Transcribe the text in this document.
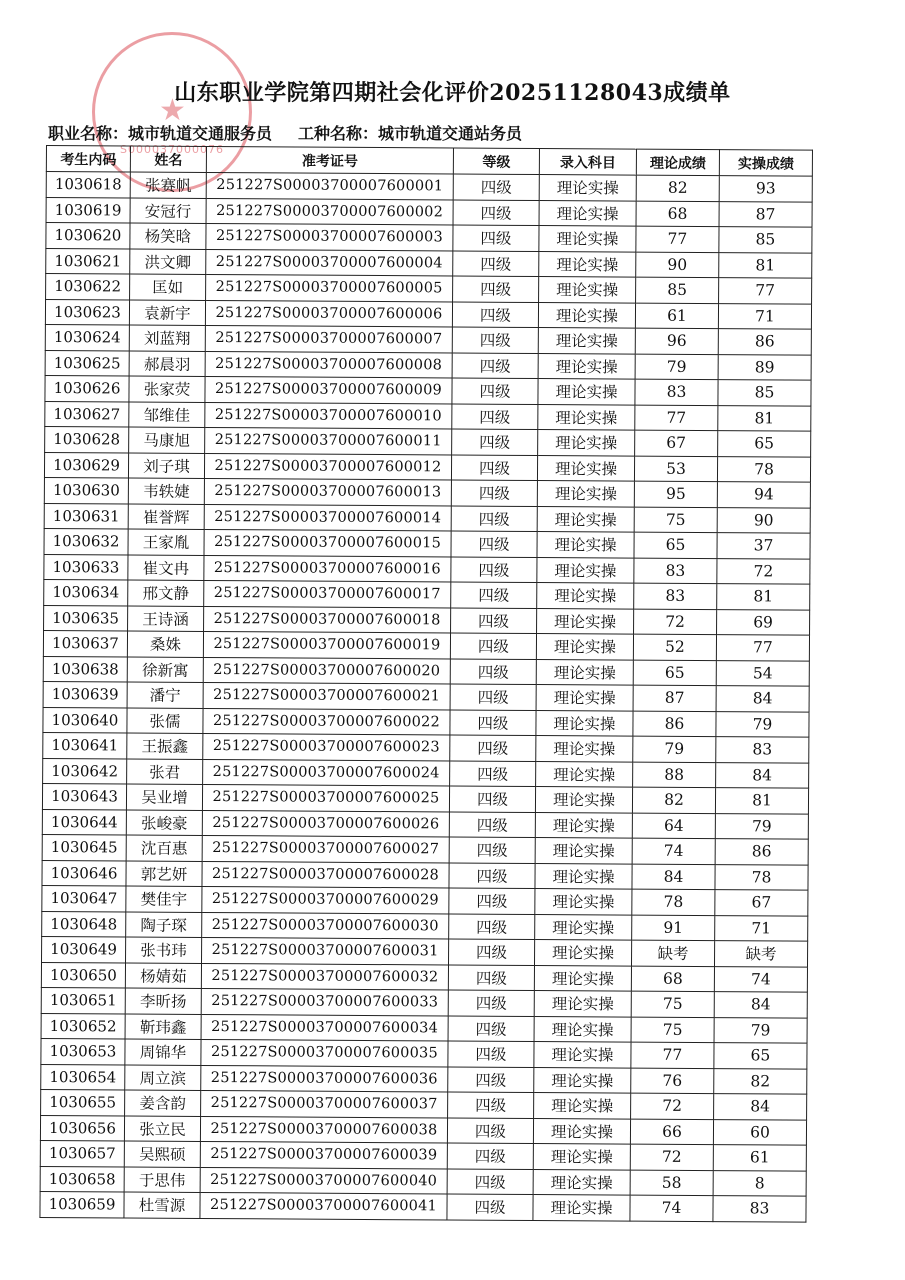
★
S000037000076
山东职业学院第四期社会化评价20251128043成绩单
职业名称：城市轨道交通服务员 工种名称：城市轨道交通站务员
考生内码	姓名	准考证号	等级	录入科目	理论成绩	实操成绩
1030618	张赛帆	251227S00003700007600001	四级	理论实操	82	93
1030619	安冠行	251227S00003700007600002	四级	理论实操	68	87
1030620	杨笑晗	251227S00003700007600003	四级	理论实操	77	85
1030621	洪文卿	251227S00003700007600004	四级	理论实操	90	81
1030622	匡如	251227S00003700007600005	四级	理论实操	85	77
1030623	袁新宇	251227S00003700007600006	四级	理论实操	61	71
1030624	刘蓝翔	251227S00003700007600007	四级	理论实操	96	86
1030625	郝晨羽	251227S00003700007600008	四级	理论实操	79	89
1030626	张家荧	251227S00003700007600009	四级	理论实操	83	85
1030627	邹维佳	251227S00003700007600010	四级	理论实操	77	81
1030628	马康旭	251227S00003700007600011	四级	理论实操	67	65
1030629	刘子琪	251227S00003700007600012	四级	理论实操	53	78
1030630	韦轶婕	251227S00003700007600013	四级	理论实操	95	94
1030631	崔誉辉	251227S00003700007600014	四级	理论实操	75	90
1030632	王家胤	251227S00003700007600015	四级	理论实操	65	37
1030633	崔文冉	251227S00003700007600016	四级	理论实操	83	72
1030634	邢文静	251227S00003700007600017	四级	理论实操	83	81
1030635	王诗涵	251227S00003700007600018	四级	理论实操	72	69
1030637	桑姝	251227S00003700007600019	四级	理论实操	52	77
1030638	徐新寓	251227S00003700007600020	四级	理论实操	65	54
1030639	潘宁	251227S00003700007600021	四级	理论实操	87	84
1030640	张儒	251227S00003700007600022	四级	理论实操	86	79
1030641	王振鑫	251227S00003700007600023	四级	理论实操	79	83
1030642	张君	251227S00003700007600024	四级	理论实操	88	84
1030643	吴业增	251227S00003700007600025	四级	理论实操	82	81
1030644	张峻豪	251227S00003700007600026	四级	理论实操	64	79
1030645	沈百惠	251227S00003700007600027	四级	理论实操	74	86
1030646	郭艺妍	251227S00003700007600028	四级	理论实操	84	78
1030647	樊佳宇	251227S00003700007600029	四级	理论实操	78	67
1030648	陶子琛	251227S00003700007600030	四级	理论实操	91	71
1030649	张书玮	251227S00003700007600031	四级	理论实操	缺考	缺考
1030650	杨婧茹	251227S00003700007600032	四级	理论实操	68	74
1030651	李昕扬	251227S00003700007600033	四级	理论实操	75	84
1030652	靳玮鑫	251227S00003700007600034	四级	理论实操	75	79
1030653	周锦华	251227S00003700007600035	四级	理论实操	77	65
1030654	周立滨	251227S00003700007600036	四级	理论实操	76	82
1030655	姜含韵	251227S00003700007600037	四级	理论实操	72	84
1030656	张立民	251227S00003700007600038	四级	理论实操	66	60
1030657	吴熙硕	251227S00003700007600039	四级	理论实操	72	61
1030658	于思伟	251227S00003700007600040	四级	理论实操	58	8
1030659	杜雪源	251227S00003700007600041	四级	理论实操	74	83
